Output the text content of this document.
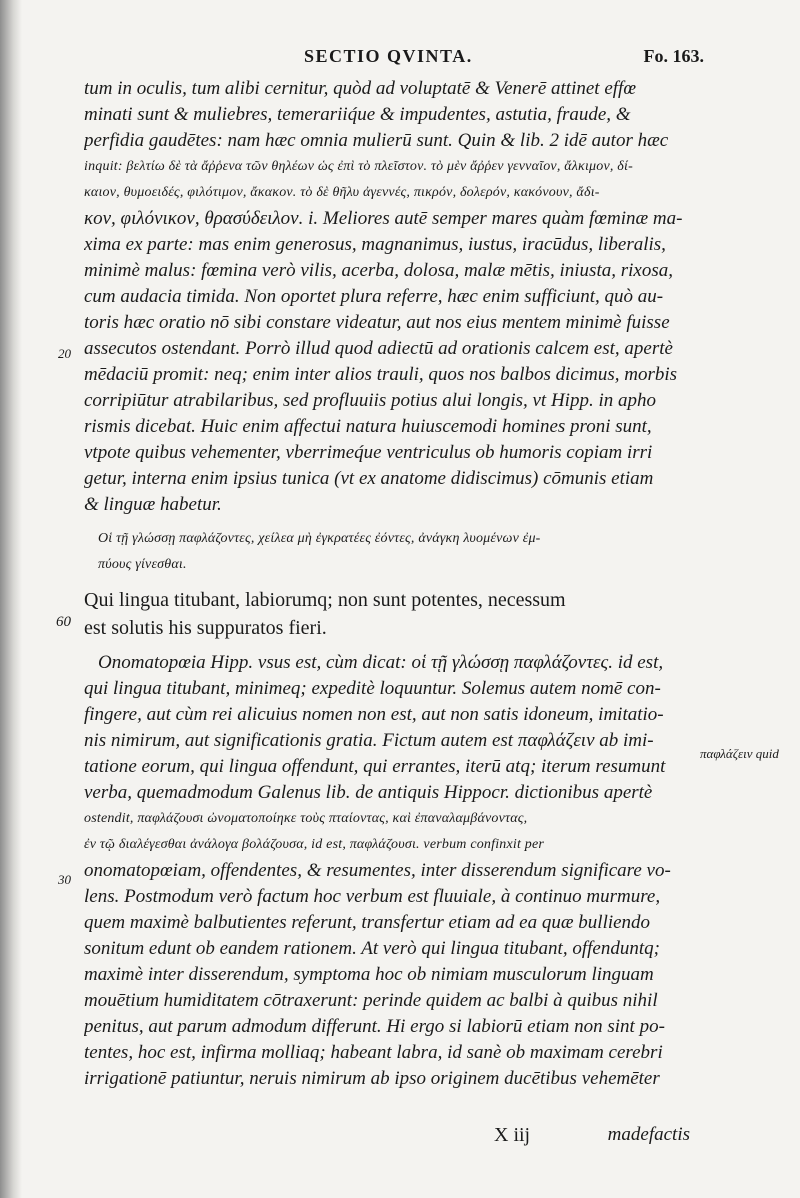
SECTIO QVINTA.	Fo. 163.
tum in oculis, tum alibi cernitur, quòd ad voluptatē & Venerē attinet effœ
minati sunt & muliebres, temerariiq́ue & impudentes, astutia, fraude, &
perfidia gaudētes: nam hæc omnia mulierū sunt. Quin & lib. 2 idē autor hæc
inquit: βελτίω δὲ τὰ ἄῤῥενα τῶν θηλέων ὡς ἐπὶ τὸ πλεῖστον. τὸ μὲν ἄῤῥεν γενναῖον, ἄλκιμον, δί-
καιον, θυμοειδές, φιλότιμον, ἄκακον. τὸ δὲ θῆλυ ἀγεννές, πικρόν, δολερόν, κακόνουν, ἄδι-
κον, φιλόνικον, θρασύδειλον. i. Meliores autē semper mares quàm fœminæ ma-
xima ex parte: mas enim generosus, magnanimus, iustus, iracūdus, liberalis,
minimè malus: fœmina verò vilis, acerba, dolosa, malæ mētis, iniusta, rixosa,
cum audacia timida. Non oportet plura referre, hæc enim sufficiunt, quò au-
toris hæc oratio nō sibi constare videatur, aut nos eius mentem minimè fuisse
assecutos ostendant. Porrò illud quod adiectū ad orationis calcem est, apertè
mēdaciū promit: neq; enim inter alios trauli, quos nos balbos dicimus, morbis
corripiūtur atrabilaribus, sed profluuiis potius alui longis, vt Hipp. in apho
rismis dicebat. Huic enim affectui natura huiuscemodi homines proni sunt,
vtpote quibus vehementer, vberrimeq́ue ventriculus ob humoris copiam irri
getur, interna enim ipsius tunica (vt ex anatome didiscimus) cōmunis etiam
& linguæ habetur.
Οἱ τῇ γλώσσῃ παφλάζοντες, χείλεα μὴ ἐγκρατέες ἐόντες, ἀνάγκη λυομένων ἐμ-
πύους γίνεσθαι.
Qui lingua titubant, labiorumq; non sunt potentes, necessum
est solutis his suppuratos fieri.
Onomatopœia Hipp. vsus est, cùm dicat: οἱ τῇ γλώσσῃ παφλάζοντες. id est,
qui lingua titubant, minimeq; expeditè loquuntur. Solemus autem nomē con-
fingere, aut cùm rei alicuius nomen non est, aut non satis idoneum, imitatio-
nis nimirum, aut significationis gratia. Fictum autem est παφλάζειν ab imi-
tatione eorum, qui lingua offendunt, qui errantes, iterū atq; iterum resumunt
verba, quemadmodum Galenus lib. de antiquis Hippocr. dictionibus apertè
ostendit, παφλάζουσι ὠνοματοποίηκε τοὺς πταίοντας, καὶ ἐπαναλαμβάνοντας,
ἐν τῷ διαλέγεσθαι ἀνάλογα βολάζουσα, id est, παφλάζουσι. verbum confinxit per
onomatopœiam, offendentes, & resumentes, inter disserendum significare vo-
lens. Postmodum verò factum hoc verbum est fluuiale, à continuo murmure,
quem maximè balbutientes referunt, transfertur etiam ad ea quæ bulliendo
sonitum edunt ob eandem rationem. At verò qui lingua titubant, offenduntq;
maximè inter disserendum, symptoma hoc ob nimiam musculorum linguam
mouētium humiditatem cōtraxerunt: perinde quidem ac balbi à quibus nihil
penitus, aut parum admodum differunt. Hi ergo si labiorū etiam non sint po-
tentes, hoc est, infirma molliaq; habeant labra, id sanè ob maximam cerebri
irrigationē patiuntur, neruis nimirum ab ipso originem ducētibus vehemēter
20
60
30
παφλάζειν quid
X iij	madefactis
